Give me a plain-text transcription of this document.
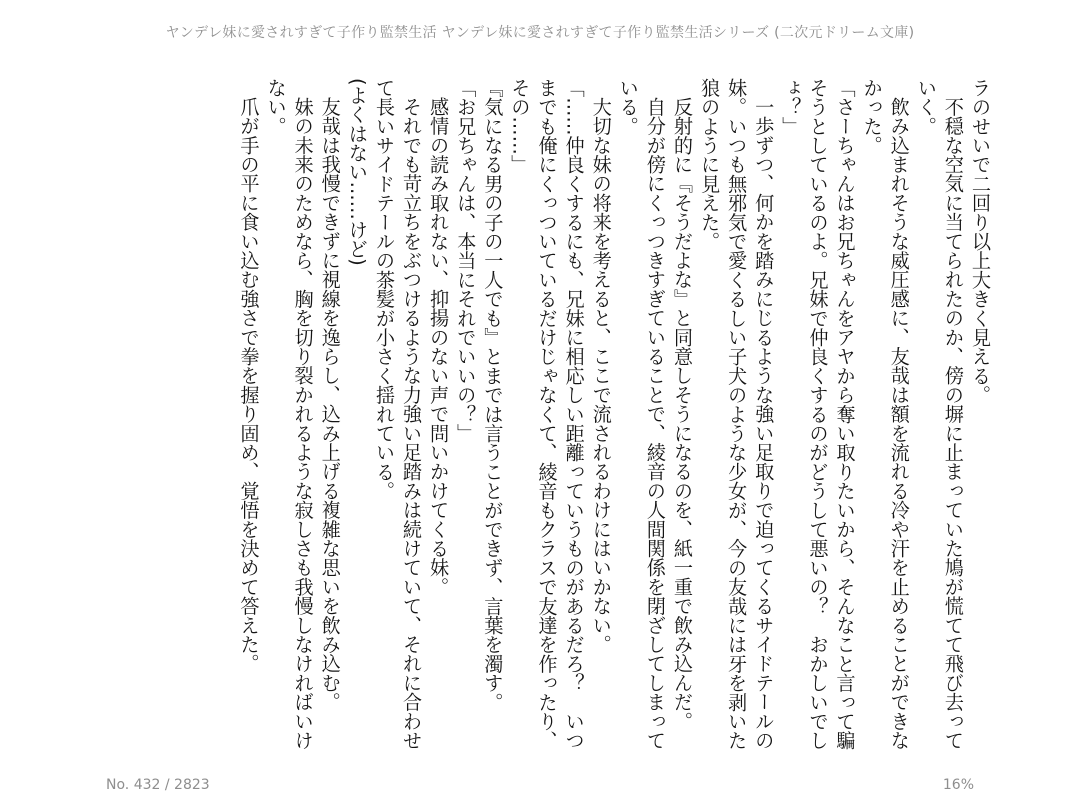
ヤンデレ妹に愛されすぎて子作り監禁生活 ヤンデレ妹に愛されすぎて子作り監禁生活シリーズ (二次元ドリーム文庫)

ラのせいで二回り以上大きく見える。

不穏な空気に当てられたのか、傍の塀に止まっていた鳩が慌てて飛び去っていく。

飲み込まれそうな威圧感に、友哉は額を流れる冷や汗を止めることができなかった。

「さーちゃんはお兄ちゃんをアヤから奪い取りたいから、そんなこと言って騙そうとしているのよ。兄妹で仲良くするのがどうして悪いの？　おかしいでしょ？」

一歩ずつ、何かを踏みにじるような強い足取りで迫ってくるサイドテールの妹。いつも無邪気で愛くるしい子犬のような少女が、今の友哉には牙を剥いた狼のように見えた。

反射的に『そうだよな』と同意しそうになるのを、紙一重で飲み込んだ。

自分が傍にくっつきすぎていることで、綾音の人間関係を閉ざしてしまっている。

大切な妹の将来を考えると、ここで流されるわけにはいかない。

「……仲良くするにも、兄妹に相応しい距離っていうものがあるだろ？　いつまでも俺にくっついているだけじゃなくて、綾音もクラスで友達を作ったり、その……」

『気になる男の子の一人でも』とまでは言うことができず、言葉を濁す。

「お兄ちゃんは、本当にそれでいいの？」

感情の読み取れない、抑揚のない声で問いかけてくる妹。

それでも苛立ちをぶつけるような力強い足踏みは続けていて、それに合わせて長いサイドテールの茶髪が小さく揺れている。

(よくはない……けど)

友哉は我慢できずに視線を逸らし、込み上げる複雑な思いを飲み込む。

妹の未来のためなら、胸を切り裂かれるような寂しさも我慢しなければいけない。

爪が手の平に食い込む強さで拳を握り固め、覚悟を決めて答えた。

No. 432 / 2823	16%
